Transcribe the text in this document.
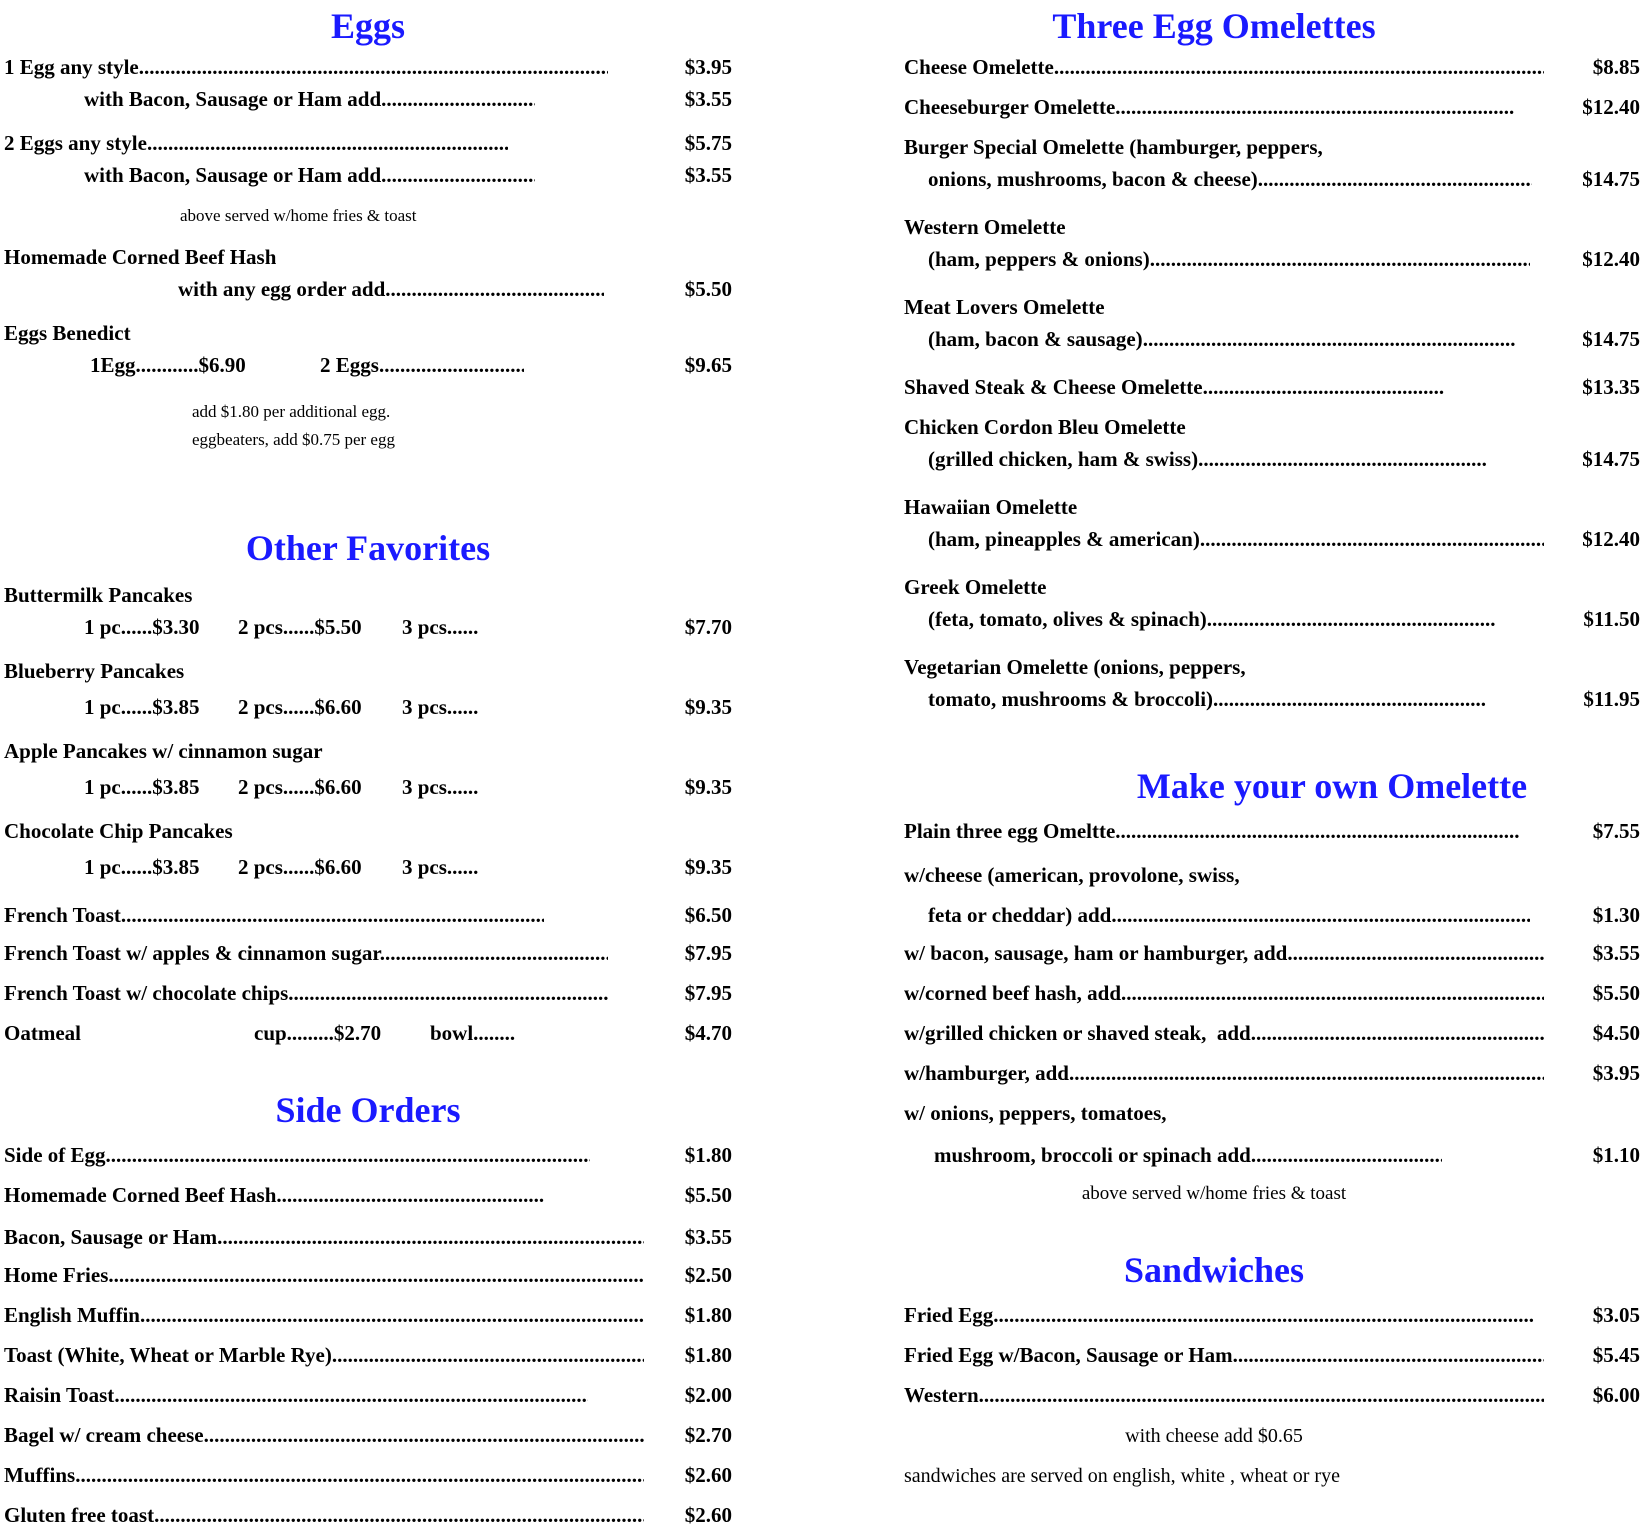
Eggs
1 Egg any style .....	$3.95
with Bacon, Sausage or Ham add .....	$3.55
2 Eggs any style .....	$5.75
with Bacon, Sausage or Ham add .....	$3.55
above served w/home fries & toast
Homemade Corned Beef Hash
with any egg order add .....	$5.50
Eggs Benedict
1Egg............$6.90	2 Eggs .....	$9.65
add $1.80 per additional egg.
eggbeaters, add $0.75 per egg
Other Favorites
Buttermilk Pancakes
1 pc......$3.30 2 pcs......$5.50 3 pcs......	$7.70
Blueberry Pancakes
1 pc......$3.85 2 pcs......$6.60 3 pcs......	$9.35
Apple Pancakes w/ cinnamon sugar
1 pc......$3.85 2 pcs......$6.60 3 pcs......	$9.35
Chocolate Chip Pancakes
1 pc......$3.85 2 pcs......$6.60 3 pcs......	$9.35
French Toast .....	$6.50
French Toast w/ apples & cinnamon sugar .....	$7.95
French Toast w/ chocolate chips .....	$7.95
Oatmeal	cup.........$2.70 bowl........	$4.70
Side Orders
Side of Egg .....	$1.80
Homemade Corned Beef Hash .....	$5.50
Bacon, Sausage or Ham .....	$3.55
Home Fries .....	$2.50
English Muffin .....	$1.80
Toast (White, Wheat or Marble Rye) .....	$1.80
Raisin Toast .....	$2.00
Bagel w/ cream cheese .....	$2.70
Muffins .....	$2.60
Gluten free toast .....	$2.60
Three Egg Omelettes
Cheese Omelette .....	$8.85
Cheeseburger Omelette .....	$12.40
Burger Special Omelette (hamburger, peppers,
onions, mushrooms, bacon & cheese) .....	$14.75
Western Omelette
(ham, peppers & onions) .....	$12.40
Meat Lovers Omelette
(ham, bacon & sausage) .....	$14.75
Shaved Steak & Cheese Omelette .....	$13.35
Chicken Cordon Bleu Omelette
(grilled chicken, ham & swiss) .....	$14.75
Hawaiian Omelette
(ham, pineapples & american) .....	$12.40
Greek Omelette
(feta, tomato, olives & spinach) .....	$11.50
Vegetarian Omelette (onions, peppers,
tomato, mushrooms & broccoli) .....	$11.95
Make your own Omelette
Plain three egg Omeltte .....	$7.55
w/cheese (american, provolone, swiss,
feta or cheddar) add .....	$1.30
w/ bacon, sausage, ham or hamburger, add .....	$3.55
w/corned beef hash, add .....	$5.50
w/grilled chicken or shaved steak,  add .....	$4.50
w/hamburger, add .....	$3.95
w/ onions, peppers, tomatoes,
mushroom, broccoli or spinach add .....	$1.10
above served w/home fries & toast
Sandwiches
Fried Egg .....	$3.05
Fried Egg w/Bacon, Sausage or Ham .....	$5.45
Western .....	$6.00
with cheese add $0.65
sandwiches are served on english, white , wheat or rye
